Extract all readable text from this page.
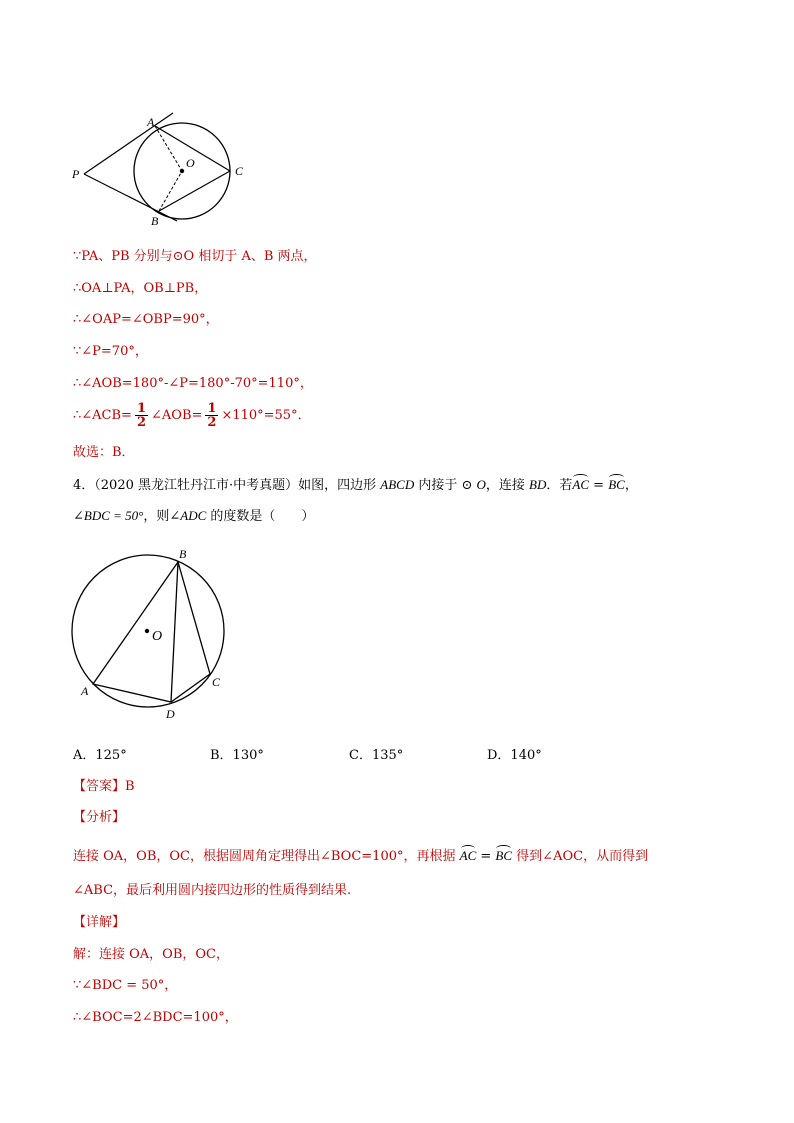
A
B
C
O
P
∵PA、PB 分别与⊙O 相切于 A、B 两点，
∴OA⊥PA，OB⊥PB，
∴∠OAP=∠OBP=90°，
∵∠P=70°，
∴∠AOB=180°-∠P=180°-70°=110°，
∴∠ACB= $\frac{1}{2}$ ∠AOB= $\frac{1}{2} \times 110^\circ=55^\circ$．
故选：B．
4．（2020 黑龙江牡丹江市·中考真题）如图，四边形 ABCD 内接于 ⊙ O，连接 BD．若AC = BC，
∠BDC = 50°，则∠ADC 的度数是（　　）
B
A
C
D
O
A．125°	B．130°	C．135°	D．140°
【答案】B
【分析】
连接 OA，OB，OC，根据圆周角定理得出∠BOC=100°，再根据 AC = BC 得到∠AOC，从而得到
∠ABC，最后利用圆内接四边形的性质得到结果.
【详解】
解：连接 OA，OB，OC，
∵∠BDC = 50°，
∴∠BOC=2∠BDC=100°，
